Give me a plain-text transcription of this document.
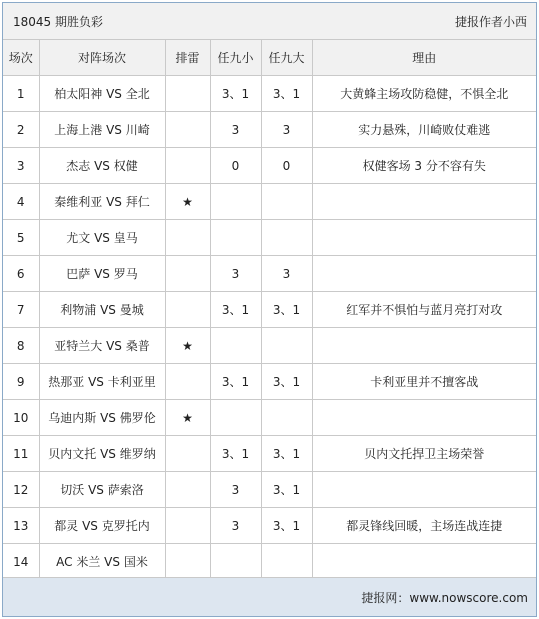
18045 期胜负彩	捷报作者小西
场次	对阵场次	排雷	任九小	任九大	理由
1	柏太阳神 VS 全北		3、1	3、1	大黄蜂主场攻防稳健，不惧全北
2	上海上港 VS 川崎		3	3	实力悬殊，川崎败仗难逃
3	杰志 VS 权健		0	0	权健客场 3 分不容有失
4	秦维利亚 VS 拜仁	★			
5	尤文 VS 皇马				
6	巴萨 VS 罗马		3	3	
7	利物浦 VS 曼城		3、1	3、1	红军并不惧怕与蓝月亮打对攻
8	亚特兰大 VS 桑普	★			
9	热那亚 VS 卡利亚里		3、1	3、1	卡利亚里并不擅客战
10	乌迪内斯 VS 佛罗伦	★			
11	贝内文托 VS 维罗纳		3、1	3、1	贝内文托捍卫主场荣誉
12	切沃 VS 萨索洛		3	3、1	
13	都灵 VS 克罗托内		3	3、1	都灵锋线回暖，主场连战连捷
14	AC 米兰 VS 国米				
捷报网：www.nowscore.com
